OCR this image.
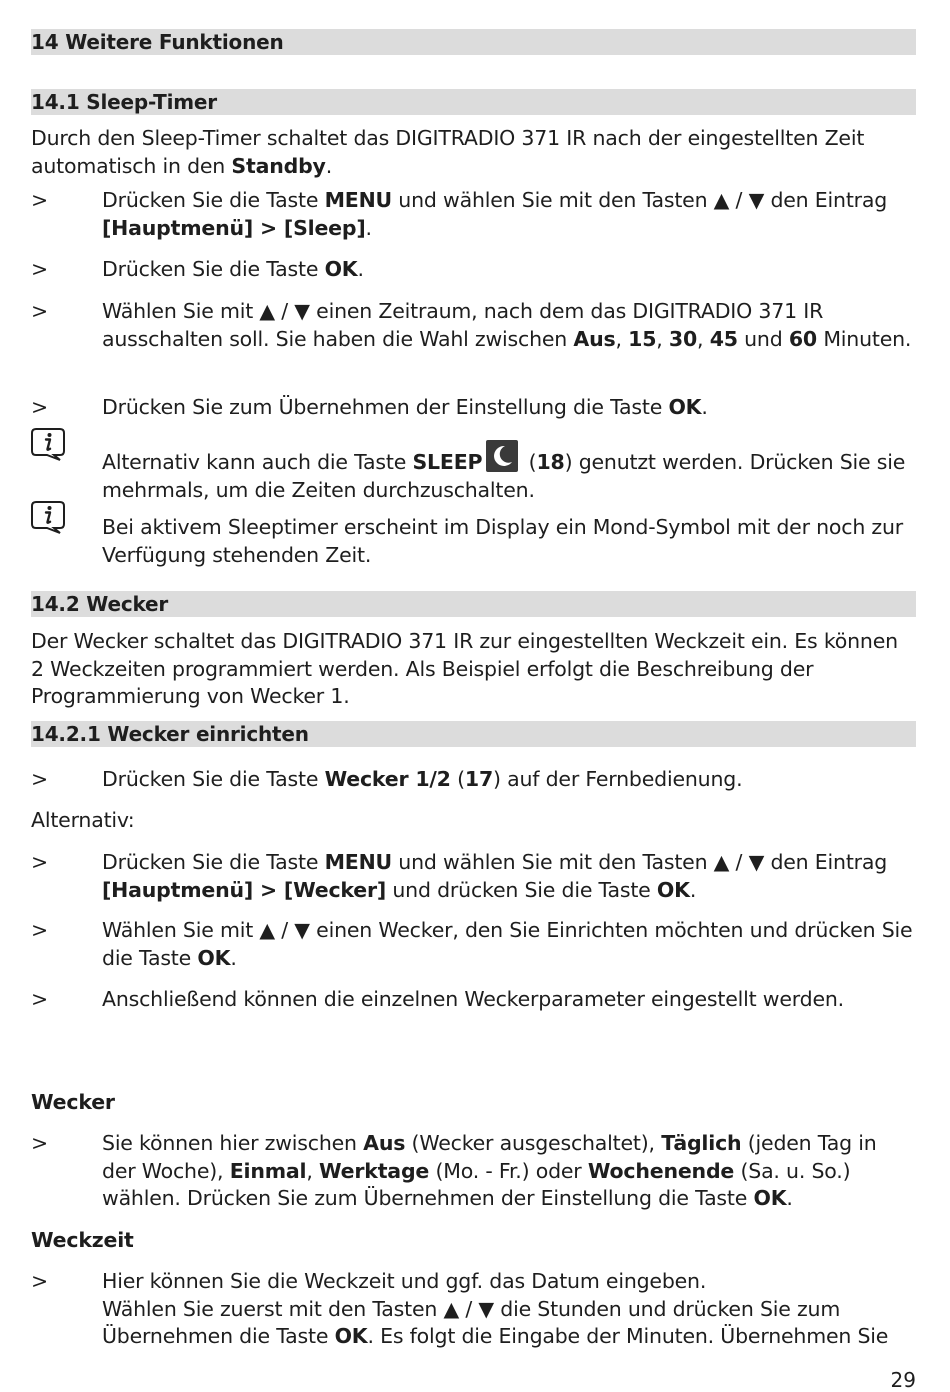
14 Weitere Funktionen
14.1 Sleep-Timer
Durch den Sleep-Timer schaltet das DIGITRADIO 371 IR nach der eingestellten Zeit automatisch in den Standby.
>	Drücken Sie die Taste MENU und wählen Sie mit den Tasten ▲ / ▼ den Eintrag [Hauptmenü] > [Sleep].
>	Drücken Sie die Taste OK.
>	Wählen Sie mit ▲ / ▼ einen Zeitraum, nach dem das DIGITRADIO 371 IR ausschalten soll. Sie haben die Wahl zwischen Aus, 15, 30, 45 und 60 Minuten.
>	Drücken Sie zum Übernehmen der Einstellung die Taste OK.
Alternativ kann auch die Taste SLEEP (18) genutzt werden. Drücken Sie sie mehrmals, um die Zeiten durchzuschalten.
Bei aktivem Sleeptimer erscheint im Display ein Mond-Symbol mit der noch zur Verfügung stehenden Zeit.
14.2 Wecker
Der Wecker schaltet das DIGITRADIO 371 IR zur eingestellten Weckzeit ein. Es können 2 Weckzeiten programmiert werden. Als Beispiel erfolgt die Beschreibung der Programmierung von Wecker 1.
14.2.1 Wecker einrichten
>	Drücken Sie die Taste Wecker 1/2 (17) auf der Fernbedienung.
Alternativ:
>	Drücken Sie die Taste MENU und wählen Sie mit den Tasten ▲ / ▼ den Eintrag [Hauptmenü] > [Wecker] und drücken Sie die Taste OK.
>	Wählen Sie mit ▲ / ▼ einen Wecker, den Sie Einrichten möchten und drücken Sie die Taste OK.
>	Anschließend können die einzelnen Weckerparameter eingestellt werden.
Wecker
>	Sie können hier zwischen Aus (Wecker ausgeschaltet), Täglich (jeden Tag in der Woche), Einmal, Werktage (Mo. - Fr.) oder Wochenende (Sa. u. So.) wählen. Drücken Sie zum Übernehmen der Einstellung die Taste OK.
Weckzeit
>	Hier können Sie die Weckzeit und ggf. das Datum eingeben.
Wählen Sie zuerst mit den Tasten ▲ / ▼ die Stunden und drücken Sie zum Übernehmen die Taste OK. Es folgt die Eingabe der Minuten. Übernehmen Sie
29
